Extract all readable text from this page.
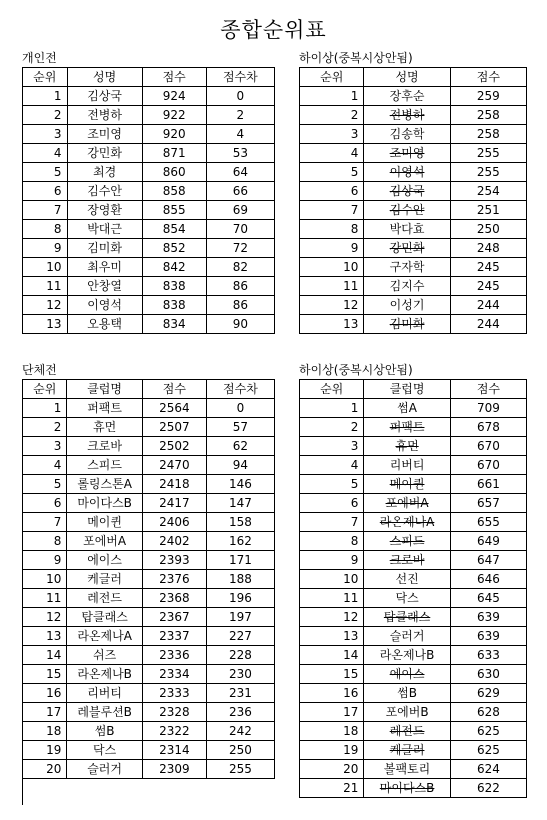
종합순위표
개인전
순위	성명	점수	점수차
1	김상국	924	0
2	전병하	922	2
3	조미영	920	4
4	강민화	871	53
5	최경	860	64
6	김수안	858	66
7	장영환	855	69
8	박대근	854	70
9	김미화	852	72
10	최우미	842	82
11	안창열	838	86
12	이영석	838	86
13	오용택	834	90
하이상(중복시상안됨)
순위	성명	점수
1	장후순	259
2	전병하	258
3	김송학	258
4	조미영	255
5	이영석	255
6	김상국	254
7	김수안	251
8	박다효	250
9	강민화	248
10	구자학	245
11	김지수	245
12	이성기	244
13	김미화	244
단체전
순위	클럽명	점수	점수차
1	퍼팩트	2564	0
2	휴먼	2507	57
3	크로바	2502	62
4	스피드	2470	94
5	롤링스톤A	2418	146
6	마이다스B	2417	147
7	메이퀸	2406	158
8	포에버A	2402	162
9	에이스	2393	171
10	케글러	2376	188
11	레전드	2368	196
12	탑클래스	2367	197
13	라온제나A	2337	227
14	쉬즈	2336	228
15	라온제나B	2334	230
16	리버티	2333	231
17	레블루션B	2328	236
18	썸B	2322	242
19	닥스	2314	250
20	슬러거	2309	255
하이상(중복시상안됨)
순위	클럽명	점수
1	썸A	709
2	퍼팩트	678
3	휴먼	670
4	리버티	670
5	메이퀸	661
6	포에버A	657
7	라온제나A	655
8	스피드	649
9	크로바	647
10	선진	646
11	닥스	645
12	탑클래스	639
13	슬러거	639
14	라온제나B	633
15	에이스	630
16	썸B	629
17	포에버B	628
18	레전드	625
19	케글러	625
20	볼팩토리	624
21	마이다스B	622
